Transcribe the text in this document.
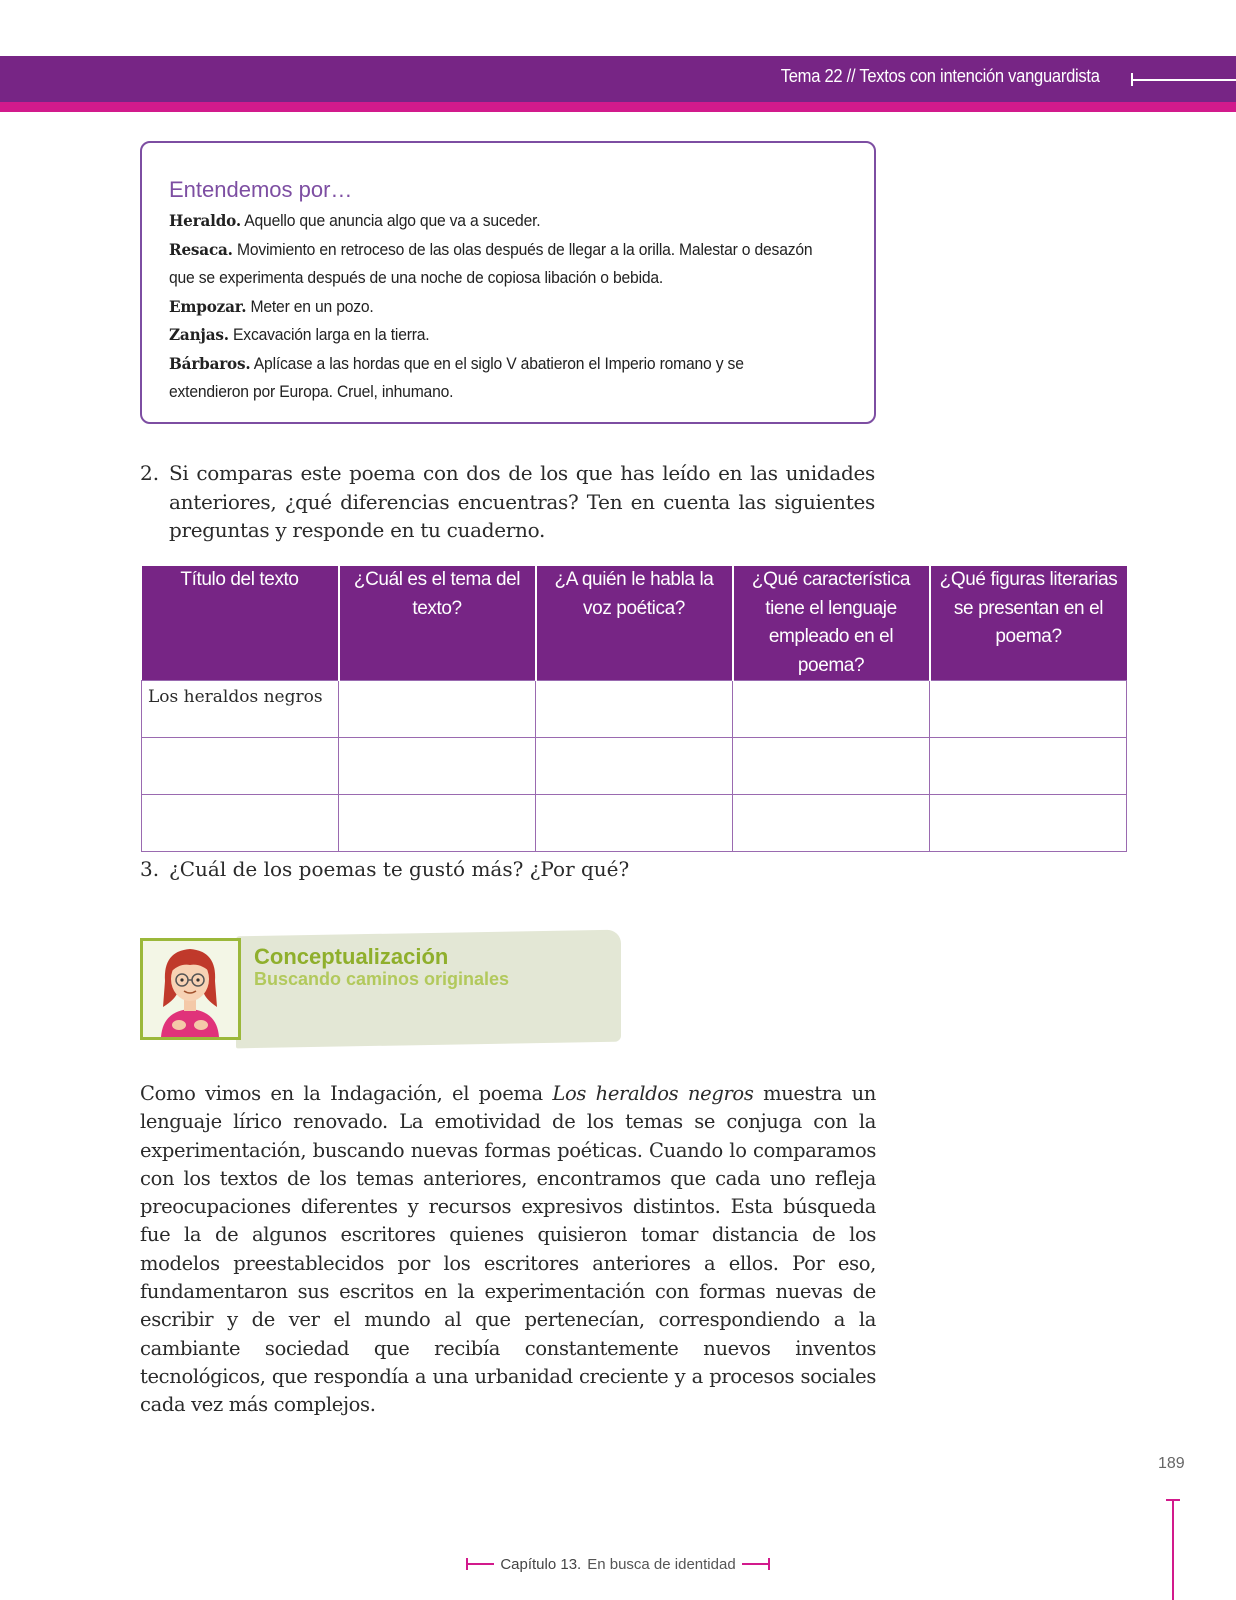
Tema 22 // Textos con intención vanguardista
Entendemos por…
Heraldo. Aquello que anuncia algo que va a suceder.
Resaca. Movimiento en retroceso de las olas después de llegar a la orilla. Malestar o desazón que se experimenta después de una noche de copiosa libación o bebida.
Empozar. Meter en un pozo.
Zanjas. Excavación larga en la tierra.
Bárbaros. Aplícase a las hordas que en el siglo V abatieron el Imperio romano y se extendieron por Europa. Cruel, inhumano.
2. Si comparas este poema con dos de los que has leído en las unidades anteriores, ¿qué diferencias encuentras? Ten en cuenta las siguientes preguntas y responde en tu cuaderno.
Título del texto	¿Cuál es el tema del texto?	¿A quién le habla la voz poética?	¿Qué característica tiene el lenguaje empleado en el poema?	¿Qué figuras literarias se presentan en el poema?
Los heraldos negros				

3. ¿Cuál de los poemas te gustó más? ¿Por qué?
Conceptualización
Buscando caminos originales

Como vimos en la Indagación, el poema Los heraldos negros muestra un lenguaje lírico renovado. La emotividad de los temas se conjuga con la experimentación, buscando nuevas formas poéticas. Cuando lo comparamos con los textos de los temas anteriores, encontramos que cada uno refleja preocupaciones diferentes y recursos expresivos distintos. Esta búsqueda fue la de algunos escritores quienes quisieron tomar distancia de los modelos preestablecidos por los escritores anteriores a ellos. Por eso, fundamentaron sus escritos en la experimentación con formas nuevas de escribir y de ver el mundo al que pertenecían, correspondiendo a la cambiante sociedad que recibía constantemente nuevos inventos tecnológicos, que respondía a una urbanidad creciente y a procesos sociales cada vez más complejos.

189
Capítulo 13. En busca de identidad
